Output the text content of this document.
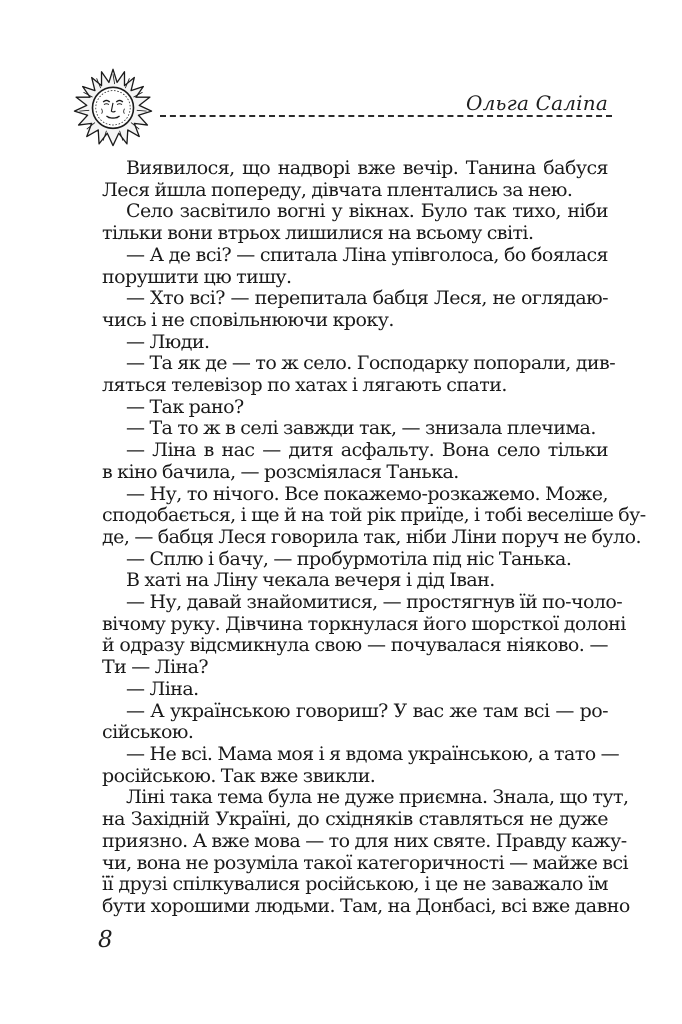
Ольга Саліпа

Виявилося, що надворі вже вечір. Танина бабуся

Леся йшла попереду, дівчата плентались за нею.

Село засвітило вогні у вікнах. Було так тихо, ніби

тільки вони втрьох лишилися на всьому світі.

— А де всі? — спитала Ліна упівголоса, бо боялася

порушити цю тишу.

— Хто всі? — перепитала бабця Леся, не оглядаю-

чись і не сповільнюючи кроку.

— Люди.

— Та як де — то ж село. Господарку попорали, див-

ляться телевізор по хатах і лягають спати.

— Так рано?

— Та то ж в селі завжди так, — знизала плечима.

— Ліна в нас — дитя асфальту. Вона село тільки

в кіно бачила, — розсміялася Танька.

— Ну, то нічого. Все покажемо-розкажемо. Може,

сподобається, і ще й на той рік приїде, і тобі веселіше бу-

де, — бабця Леся говорила так, ніби Ліни поруч не було.

— Сплю і бачу, — пробурмотіла під ніс Танька.

В хаті на Ліну чекала вечеря і дід Іван.

— Ну, давай знайомитися, — простягнув їй по-чоло-

вічому руку. Дівчина торкнулася його шорсткої долоні

й одразу відсмикнула свою — почувалася ніяково. —

Ти — Ліна?

— Ліна.

— А українською говориш? У вас же там всі — ро-

сійською.

— Не всі. Мама моя і я вдома українською, а тато —

російською. Так вже звикли.

Ліні така тема була не дуже приємна. Знала, що тут,

на Західній Україні, до східняків ставляться не дуже

приязно. А вже мова — то для них святе. Правду кажу-

чи, вона не розуміла такої категоричності — майже всі

її друзі спілкувалися російською, і це не заважало їм

бути хорошими людьми. Там, на Донбасі, всі вже давно

8
